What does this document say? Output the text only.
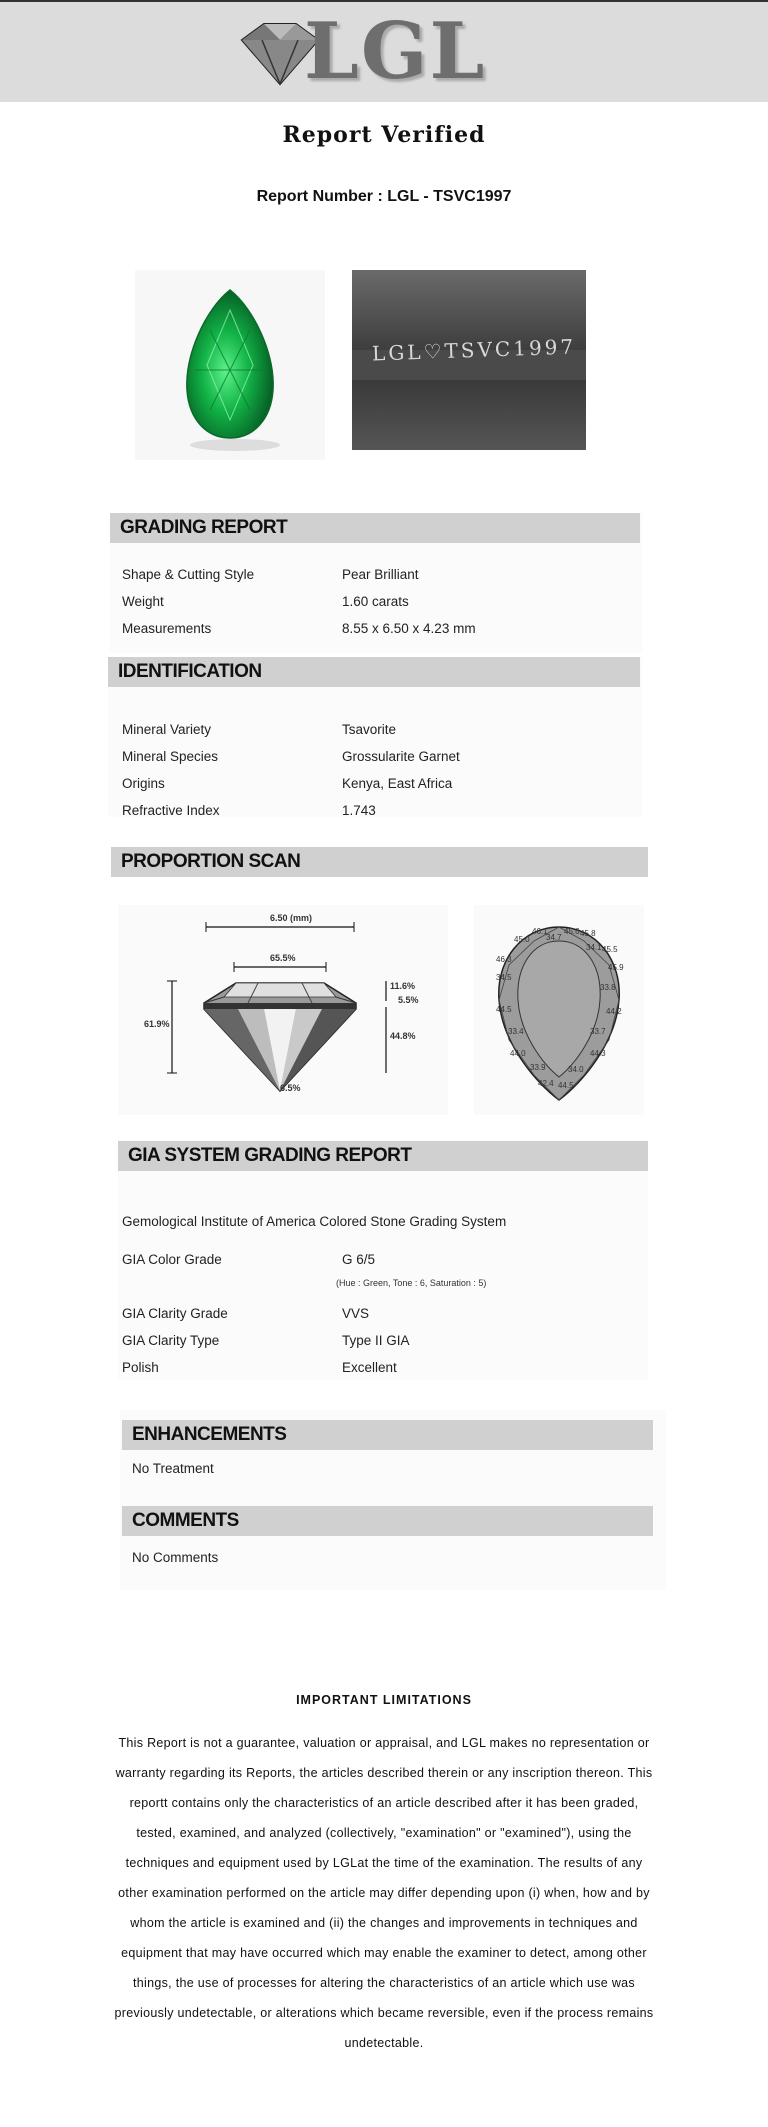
LGL
Report Verified
Report Number : LGL - TSVC1997
LGL♡TSVC1997
GRADING REPORT
Shape & Cutting Style	Pear Brilliant
Weight	1.60 carats
Measurements	8.55 x 6.50 x 4.23 mm
IDENTIFICATION
Mineral Variety	Tsavorite
Mineral Species	Grossularite Garnet
Origins	Kenya, East Africa
Refractive Index	1.743
PROPORTION SCAN
6.50 (mm)
65.5%
61.9%
11.6%
5.5%
44.8%
6.5%
46.1
34.7
45.6 45.8
45.0
34.1 45.5
46.3
45.9
34.5
33.8
44.5	44.2
33.4	33.7
44.0	44.3
33.9	34.0
42.4 44.5
GIA SYSTEM GRADING REPORT
Gemological Institute of America Colored Stone Grading System
GIA Color Grade	G 6/5
(Hue : Green, Tone : 6, Saturation : 5)
GIA Clarity Grade	VVS
GIA Clarity Type	Type II GIA
Polish	Excellent
ENHANCEMENTS
No Treatment
COMMENTS
No Comments
IMPORTANT LIMITATIONS
This Report is not a guarantee, valuation or appraisal, and LGL makes no representation or warranty regarding its Reports, the articles described therein or any inscription thereon. This reportt contains only the characteristics of an article described after it has been graded, tested, examined, and analyzed (collectively, "examination" or "examined"), using the techniques and equipment used by LGLat the time of the examination. The results of any other examination performed on the article may differ depending upon (i) when, how and by whom the article is examined and (ii) the changes and improvements in techniques and equipment that may have occurred which may enable the examiner to detect, among other things, the use of processes for altering the characteristics of an article which use was previously undetectable, or alterations which became reversible, even if the process remains undetectable.
